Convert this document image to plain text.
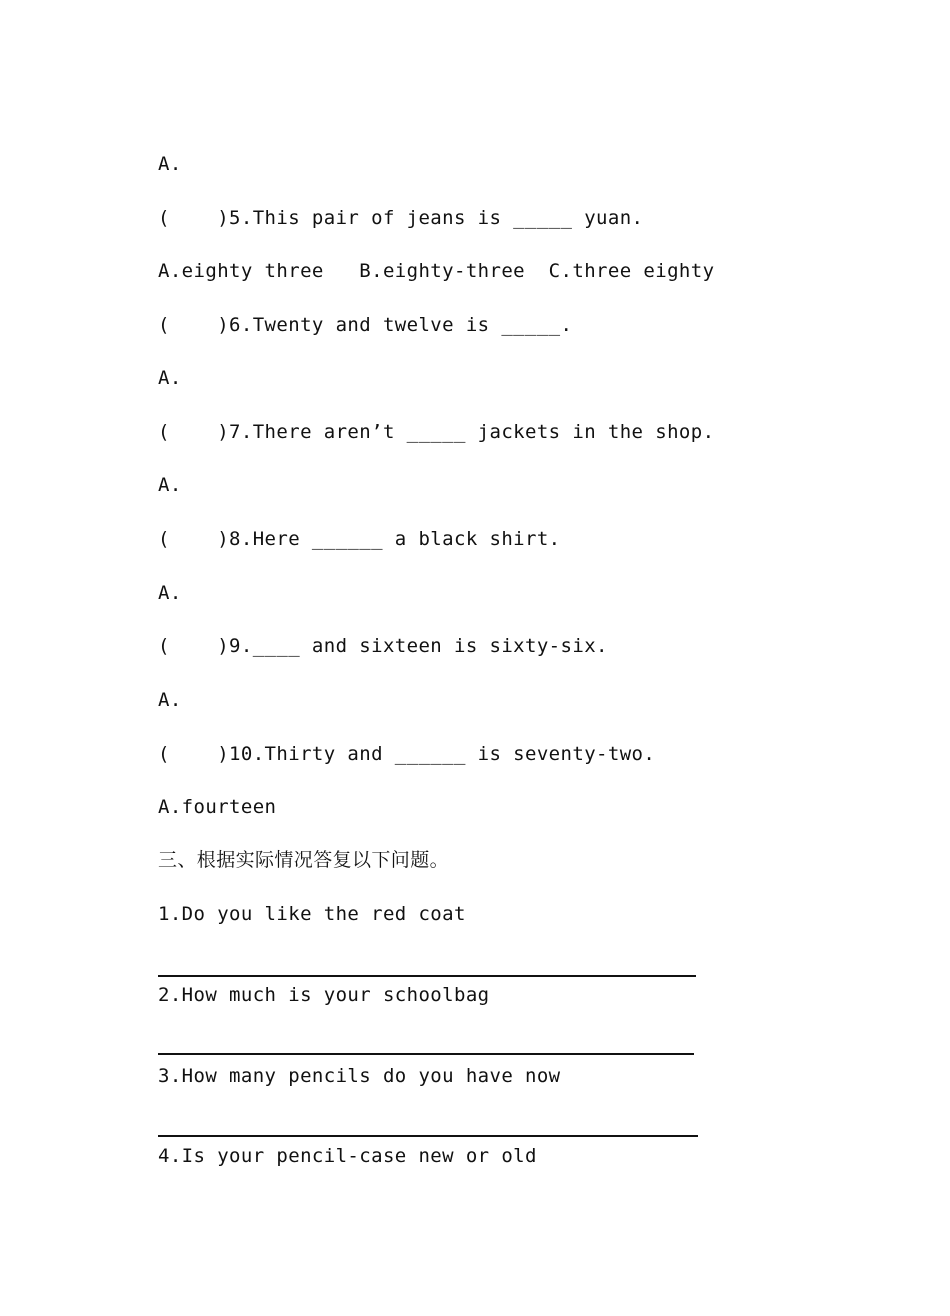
A.
(    )5.This pair of jeans is _____ yuan.
A.eighty three   B.eighty-three  C.three eighty
(    )6.Twenty and twelve is _____.
A.
(    )7.There aren’t _____ jackets in the shop.
A.
(    )8.Here ______ a black shirt.
A.
(    )9.____ and sixteen is sixty-six.
A.
(    )10.Thirty and ______ is seventy-two.
A.fourteen
三、根据实际情况答复以下问题。
1.Do you like the red coat
2.How much is your schoolbag
3.How many pencils do you have now
4.Is your pencil-case new or old
